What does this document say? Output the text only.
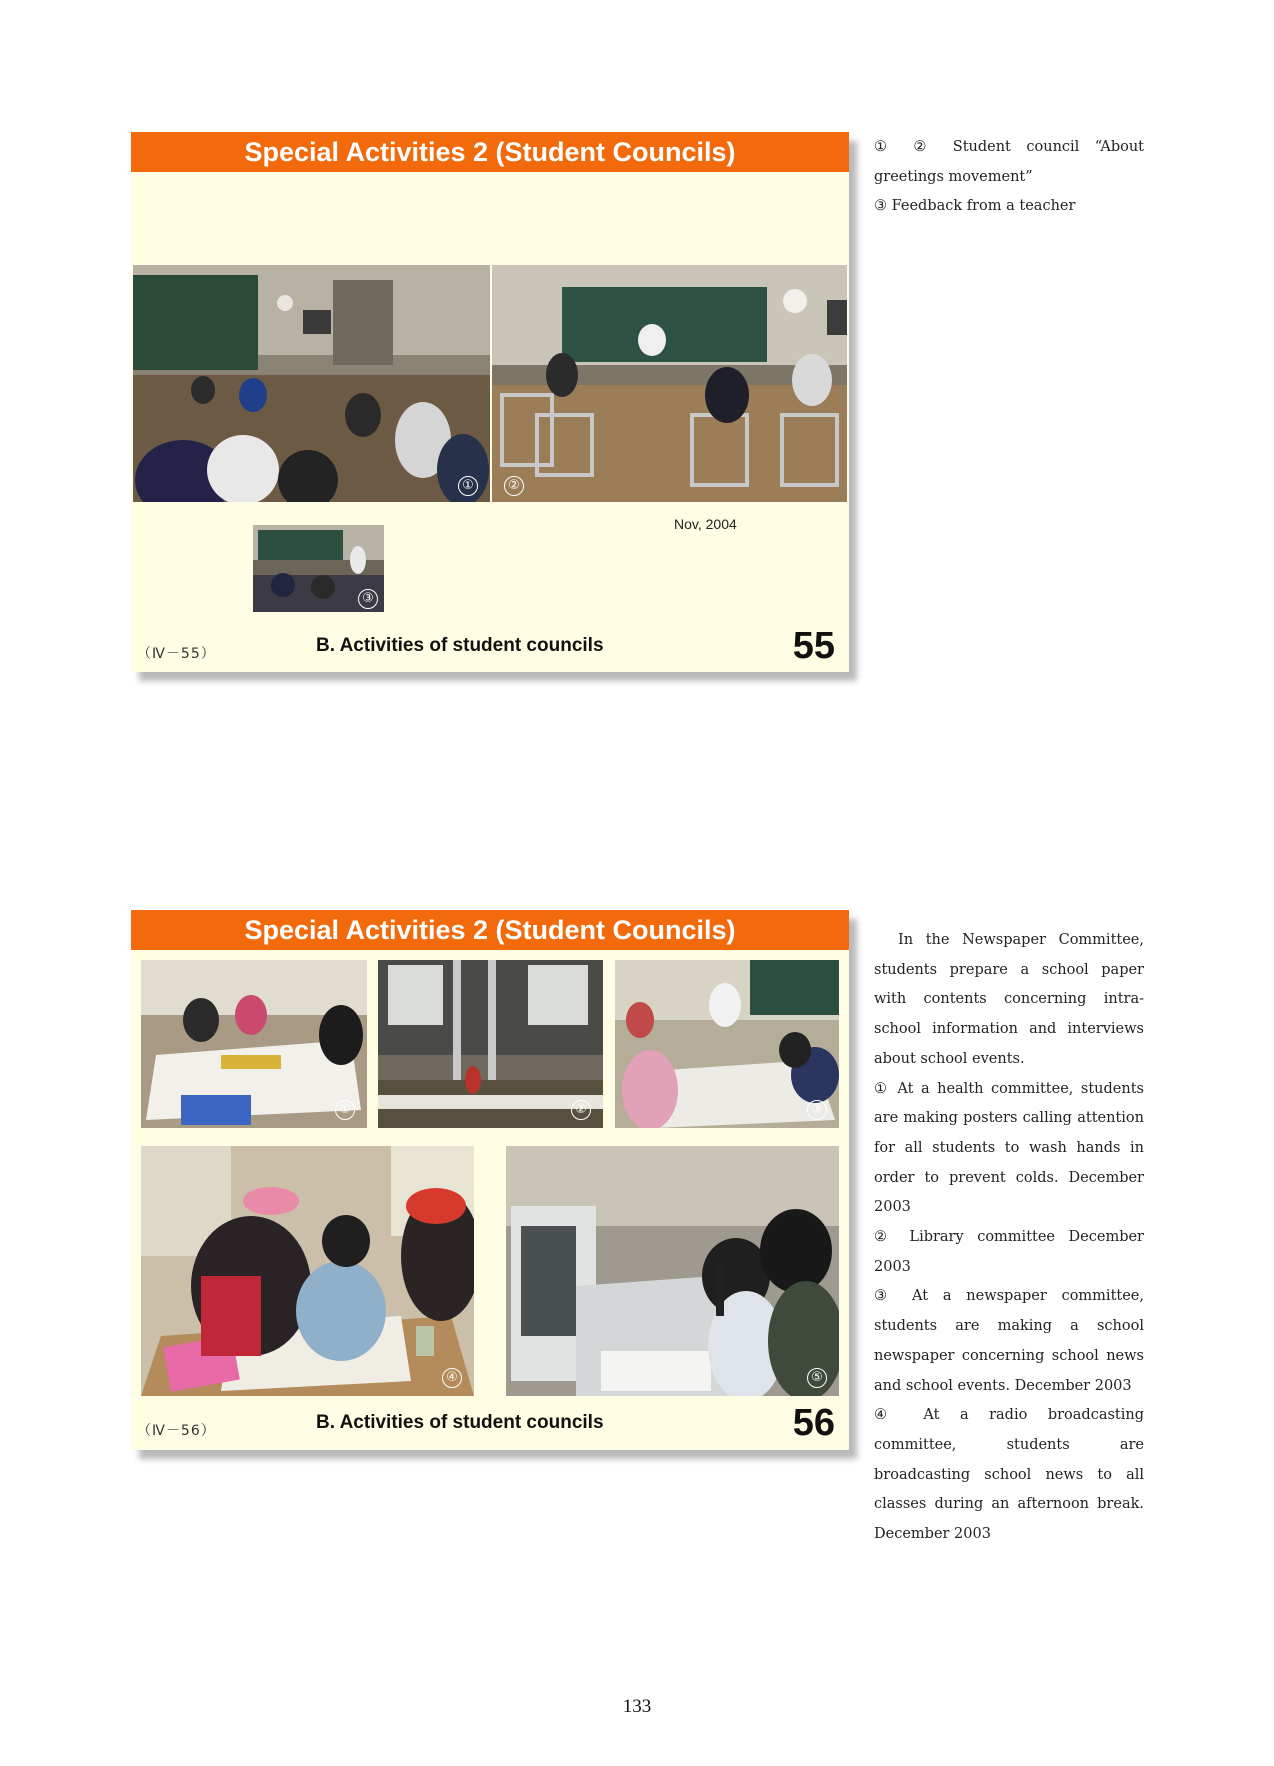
Special Activities 2 (Student Councils)
①	②
③
Nov, 2004
（Ⅳ－55）	B. Activities of student councils	55

① ② Student council “About greetings movement”

③ Feedback from a teacher

Special Activities 2 (Student Councils)
①	②	③
④	⑤
（Ⅳ－56）	B. Activities of student councils	56

In the Newspaper Committee, students prepare a school paper with contents concerning intra-school information and interviews about school events.

① At a health committee, students are making posters calling attention for all students to wash hands in order to prevent colds. December 2003

② Library committee December 2003

③ At a newspaper committee, students are making a school newspaper concerning school news and school events. December 2003

④ At a radio broadcasting committee, students are broadcasting school news to all classes during an afternoon break. December 2003

133
